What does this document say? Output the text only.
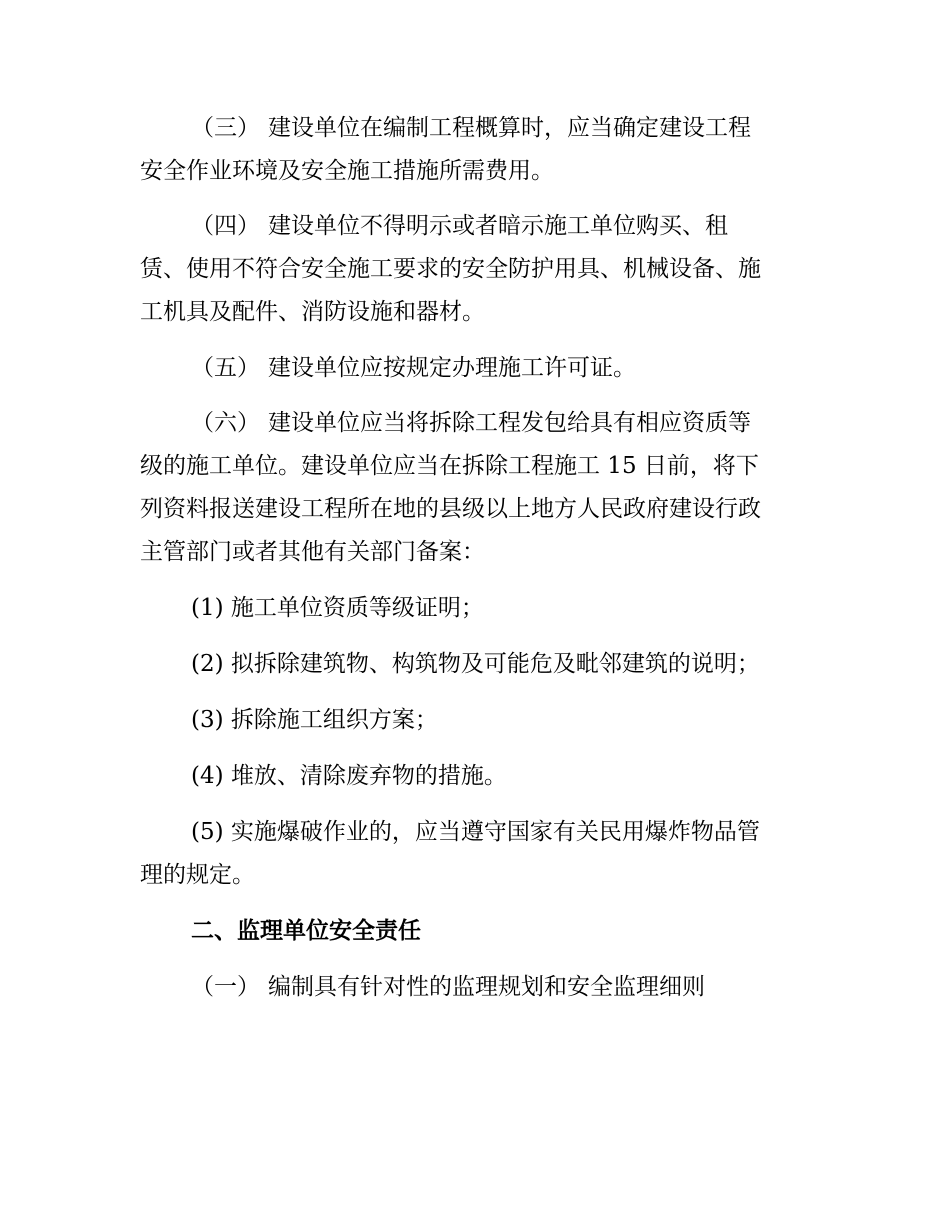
（三） 建设单位在编制工程概算时，应当确定建设工程
安全作业环境及安全施工措施所需费用。
（四） 建设单位不得明示或者暗示施工单位购买、租
赁、使用不符合安全施工要求的安全防护用具、机械设备、施
工机具及配件、消防设施和器材。
（五） 建设单位应按规定办理施工许可证。
（六） 建设单位应当将拆除工程发包给具有相应资质等
级的施工单位。建设单位应当在拆除工程施工 15 日前，将下
列资料报送建设工程所在地的县级以上地方人民政府建设行政
主管部门或者其他有关部门备案：
(1) 施工单位资质等级证明；
(2) 拟拆除建筑物、构筑物及可能危及毗邻建筑的说明；
(3) 拆除施工组织方案；
(4) 堆放、清除废弃物的措施。
(5) 实施爆破作业的，应当遵守国家有关民用爆炸物品管
理的规定。
二、监理单位安全责任
（一） 编制具有针对性的监理规划和安全监理细则
